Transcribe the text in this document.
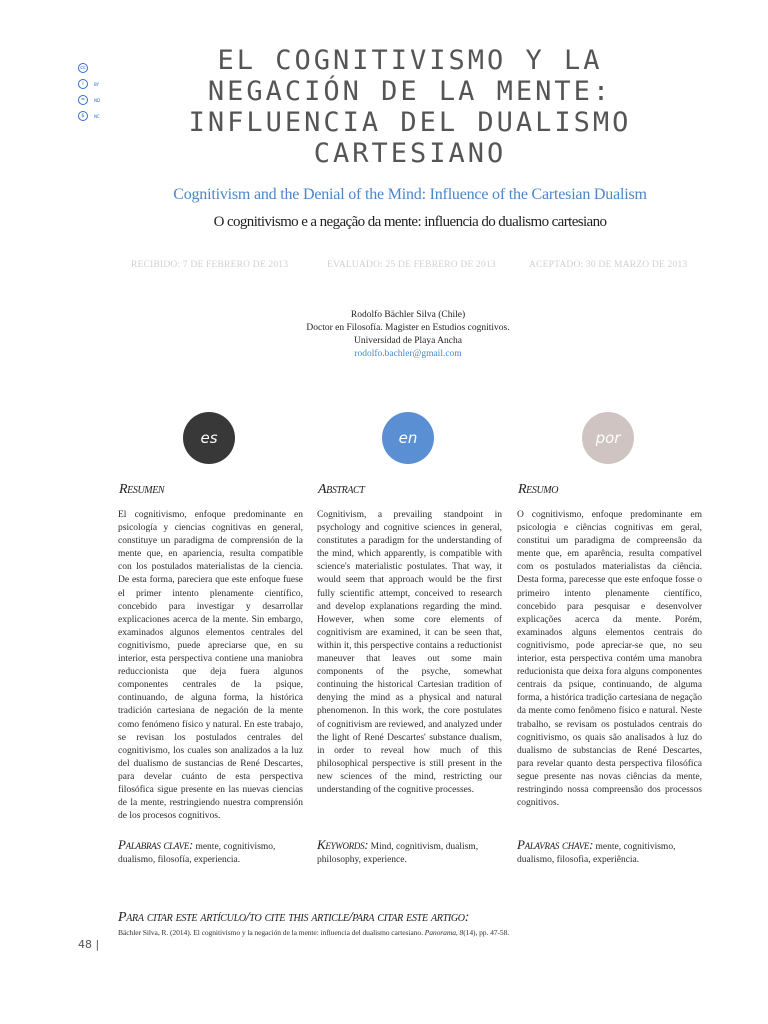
cc
i	BY
=	ND
$	NC
EL COGNITIVISMO Y LA NEGACIÓN DE LA MENTE: INFLUENCIA DEL DUALISMO CARTESIANO
Cognitivism and the Denial of the Mind: Influence of the Cartesian Dualism
O cognitivismo e a negação da mente: influencia do dualismo cartesiano
RECIBIDO: 7 DE FEBRERO DE 2013	EVALUADO: 25 DE FEBRERO DE 2013	ACEPTADO: 30 DE MARZO DE 2013
Rodolfo Bächler Silva (Chile)
Doctor en Filosofía. Magister en Estudios cognitivos.
Universidad de Playa Ancha
rodolfo.bachler@gmail.com
es	en	por
Resumen	Abstract	Resumo
El cognitivismo, enfoque predominante en psicología y ciencias cognitivas en general, constituye un paradigma de comprensión de la mente que, en apariencia, resulta compatible con los postulados materialistas de la ciencia. De esta forma, pareciera que este enfoque fuese el primer intento plenamente científico, concebido para investigar y desarrollar explicaciones acerca de la mente. Sin embargo, examinados algunos elementos centrales del cognitivismo, puede apreciarse que, en su interior, esta perspectiva contiene una maniobra reduccionista que deja fuera algunos componentes centrales de la psique, continuando, de alguna forma, la histórica tradición cartesiana de negación de la mente como fenómeno físico y natural. En este trabajo, se revisan los postulados centrales del cognitivismo, los cuales son analizados a la luz del dualismo de sustancias de René Descartes, para develar cuánto de esta perspectiva filosófica sigue presente en las nuevas ciencias de la mente, restringiendo nuestra comprensión de los procesos cognitivos.
Cognitivism, a prevailing standpoint in psychology and cognitive sciences in general, constitutes a paradigm for the understanding of the mind, which apparently, is compatible with science's materialistic postulates. That way, it would seem that approach would be the first fully scientific attempt, conceived to research and develop explanations regarding the mind. However, when some core elements of cognitivism are examined, it can be seen that, within it, this perspective contains a reductionist maneuver that leaves out some main components of the psyche, somewhat continuing the historical Cartesian tradition of denying the mind as a physical and natural phenomenon. In this work, the core postulates of cognitivism are reviewed, and analyzed under the light of René Descartes' substance dualism, in order to reveal how much of this philosophical perspective is still present in the new sciences of the mind, restricting our understanding of the cognitive processes.
O cognitivismo, enfoque predominante em psicologia e ciências cognitivas em geral, constitui um paradigma de compreensão da mente que, em aparência, resulta compatível com os postulados materialistas da ciência. Desta forma, parecesse que este enfoque fosse o primeiro intento plenamente científico, concebido para pesquisar e desenvolver explicações acerca da mente. Porém, examinados alguns elementos centrais do cognitivismo, pode apreciar-se que, no seu interior, esta perspectiva contém uma manobra reducionista que deixa fora alguns componentes centrais da psique, continuando, de alguma forma, a histórica tradição cartesiana de negação da mente como fenômeno físico e natural. Neste trabalho, se revisam os postulados centrais do cognitivismo, os quais são analisados à luz do dualismo de substancias de René Descartes, para revelar quanto desta perspectiva filosófica segue presente nas novas ciências da mente, restringindo nossa compreensão dos processos cognitivos.
Palabras clave: mente, cognitivismo, dualismo, filosofía, experiencia.
Keywords: Mind, cognitivism, dualism, philosophy, experience.
Palavras chave: mente, cognitivismo, dualismo, filosofia, experiência.
Para citar este artículo/to cite this article/para citar este artigo:
Bächler Silva, R. (2014). El cognitivismo y la negación de la mente: influencia del dualismo cartesiano. Panorama, 8(14), pp. 47-58.
48 |
